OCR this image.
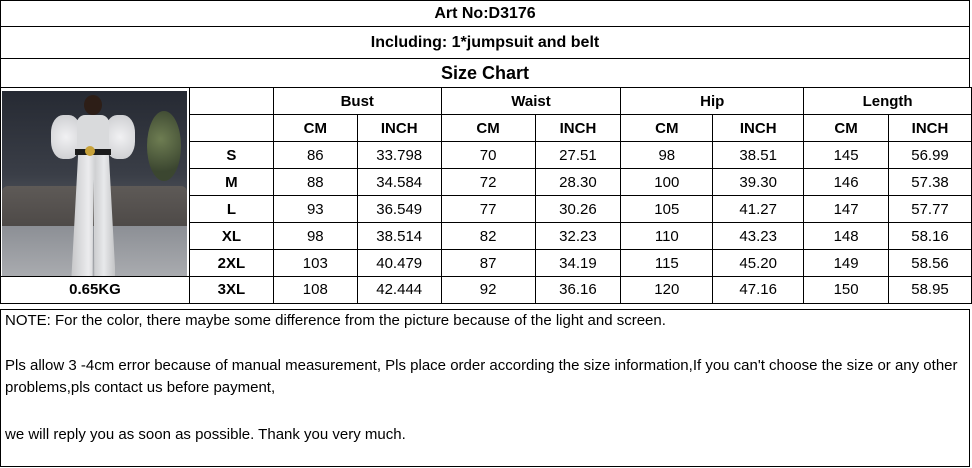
Art No:D3176
Including: 1*jumpsuit and belt
Size Chart
		Bust		Waist		Hip		Length	
		CM	INCH	CM	INCH	CM	INCH	CM	INCH
	S	86	33.798	70	27.51	98	38.51	145	56.99
	M	88	34.584	72	28.30	100	39.30	146	57.38
	L	93	36.549	77	30.26	105	41.27	147	57.77
	XL	98	38.514	82	32.23	110	43.23	148	58.16
	2XL	103	40.479	87	34.19	115	45.20	149	58.56
0.65KG	3XL	108	42.444	92	36.16	120	47.16	150	58.95

NOTE: For the color, there maybe some difference from the picture because of the light and screen.

Pls allow 3 -4cm error because of manual measurement, Pls place order according the size information,If you can't choose the size or any other problems,pls contact us before payment,

we will reply you as soon as possible. Thank you very much.
